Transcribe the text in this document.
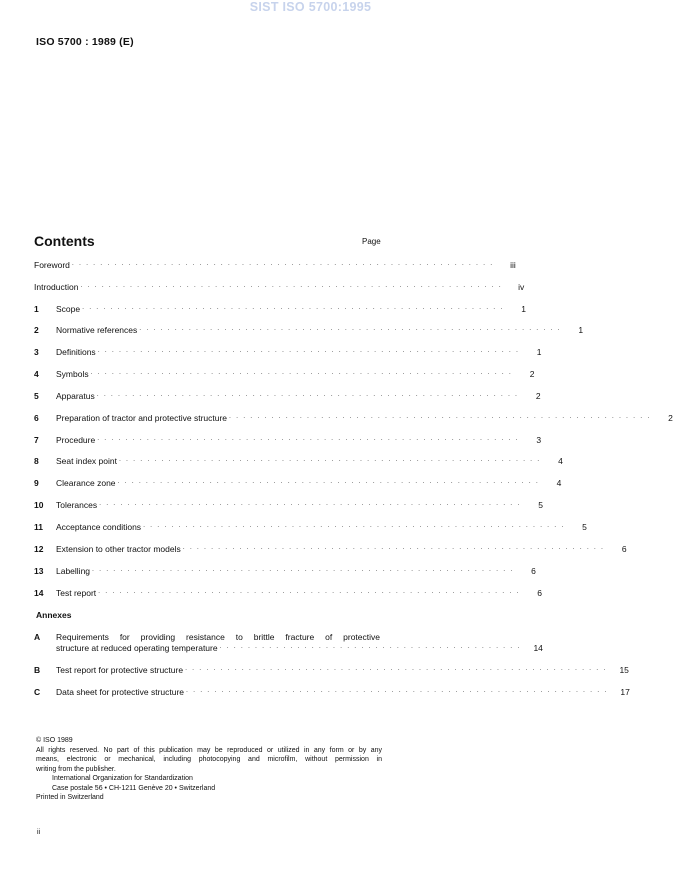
SIST ISO 5700:1995
ISO 5700 : 1989 (E)
Contents	Page
Foreword . . . . . . . . . . . . . . . . . . . . . . . . . . . . . . . . . . . . . . . . . . . . . . . . . . . . . . . . . . . .	iii
Introduction . . . . . . . . . . . . . . . . . . . . . . . . . . . . . . . . . . . . . . . . . . . . . . . . . . . . . . . . . . . .	iv
1	Scope . . . . . . . . . . . . . . . . . . . . . . . . . . . . . . . . . . . . . . . . . . . . . . . . . . . . . . . . . . . .	1
2	Normative references . . . . . . . . . . . . . . . . . . . . . . . . . . . . . . . . . . . . . . . . . . . . . . . . . . . . . . . . . . . .	1
3	Definitions . . . . . . . . . . . . . . . . . . . . . . . . . . . . . . . . . . . . . . . . . . . . . . . . . . . . . . . . . . . .	1
4	Symbols . . . . . . . . . . . . . . . . . . . . . . . . . . . . . . . . . . . . . . . . . . . . . . . . . . . . . . . . . . . .	2
5	Apparatus . . . . . . . . . . . . . . . . . . . . . . . . . . . . . . . . . . . . . . . . . . . . . . . . . . . . . . . . . . . .	2
6	Preparation of tractor and protective structure . . . . . . . . . . . . . . . . . . . . . . . . . . . . . . . . . . . . . . . . . . . . . . . . . . . . . . . . . . . .	2
7	Procedure . . . . . . . . . . . . . . . . . . . . . . . . . . . . . . . . . . . . . . . . . . . . . . . . . . . . . . . . . . . .	3
8	Seat index point . . . . . . . . . . . . . . . . . . . . . . . . . . . . . . . . . . . . . . . . . . . . . . . . . . . . . . . . . . . .	4
9	Clearance zone . . . . . . . . . . . . . . . . . . . . . . . . . . . . . . . . . . . . . . . . . . . . . . . . . . . . . . . . . . . .	4
10	Tolerances . . . . . . . . . . . . . . . . . . . . . . . . . . . . . . . . . . . . . . . . . . . . . . . . . . . . . . . . . . . .	5
11	Acceptance conditions . . . . . . . . . . . . . . . . . . . . . . . . . . . . . . . . . . . . . . . . . . . . . . . . . . . . . . . . . . . .	5
12	Extension to other tractor models . . . . . . . . . . . . . . . . . . . . . . . . . . . . . . . . . . . . . . . . . . . . . . . . . . . . . . . . . . . .	6
13	Labelling . . . . . . . . . . . . . . . . . . . . . . . . . . . . . . . . . . . . . . . . . . . . . . . . . . . . . . . . . . . .	6
14	Test report . . . . . . . . . . . . . . . . . . . . . . . . . . . . . . . . . . . . . . . . . . . . . . . . . . . . . . . . . . . .	6
A	Requirements for providing resistance to brittle fracture of protective
structure at reduced operating temperature . . . . . . . . . . . . . . . . . . . . . . . . . . . . . . . . . . . . . . . . . . .	14
B	Test report for protective structure . . . . . . . . . . . . . . . . . . . . . . . . . . . . . . . . . . . . . . . . . . . . . . . . . . . . . . . . . . . .	15
C	Data sheet for protective structure . . . . . . . . . . . . . . . . . . . . . . . . . . . . . . . . . . . . . . . . . . . . . . . . . . . . . . . . . . . .	17
Annexes
© ISO 1989
All rights reserved. No part of this publication may be reproduced or utilized in any form or by any
means, electronic or mechanical, including photocopying and microfilm, without permission in
writing from the publisher.
International Organization for Standardization
Case postale 56 • CH-1211 Genève 20 • Switzerland
Printed in Switzerland
ii
